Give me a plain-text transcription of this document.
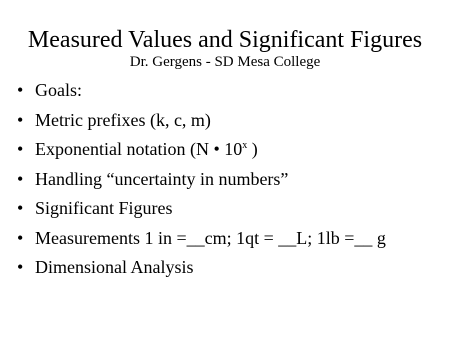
Measured Values and Significant Figures
Dr. Gergens - SD Mesa College
• Goals:
• Metric prefixes (k, c, m)
• Exponential notation (N • 10$^x$ )
• Handling “uncertainty in numbers”
• Significant Figures
• Measurements 1 in =__cm; 1qt = __L; 1lb =__ g
• Dimensional Analysis
